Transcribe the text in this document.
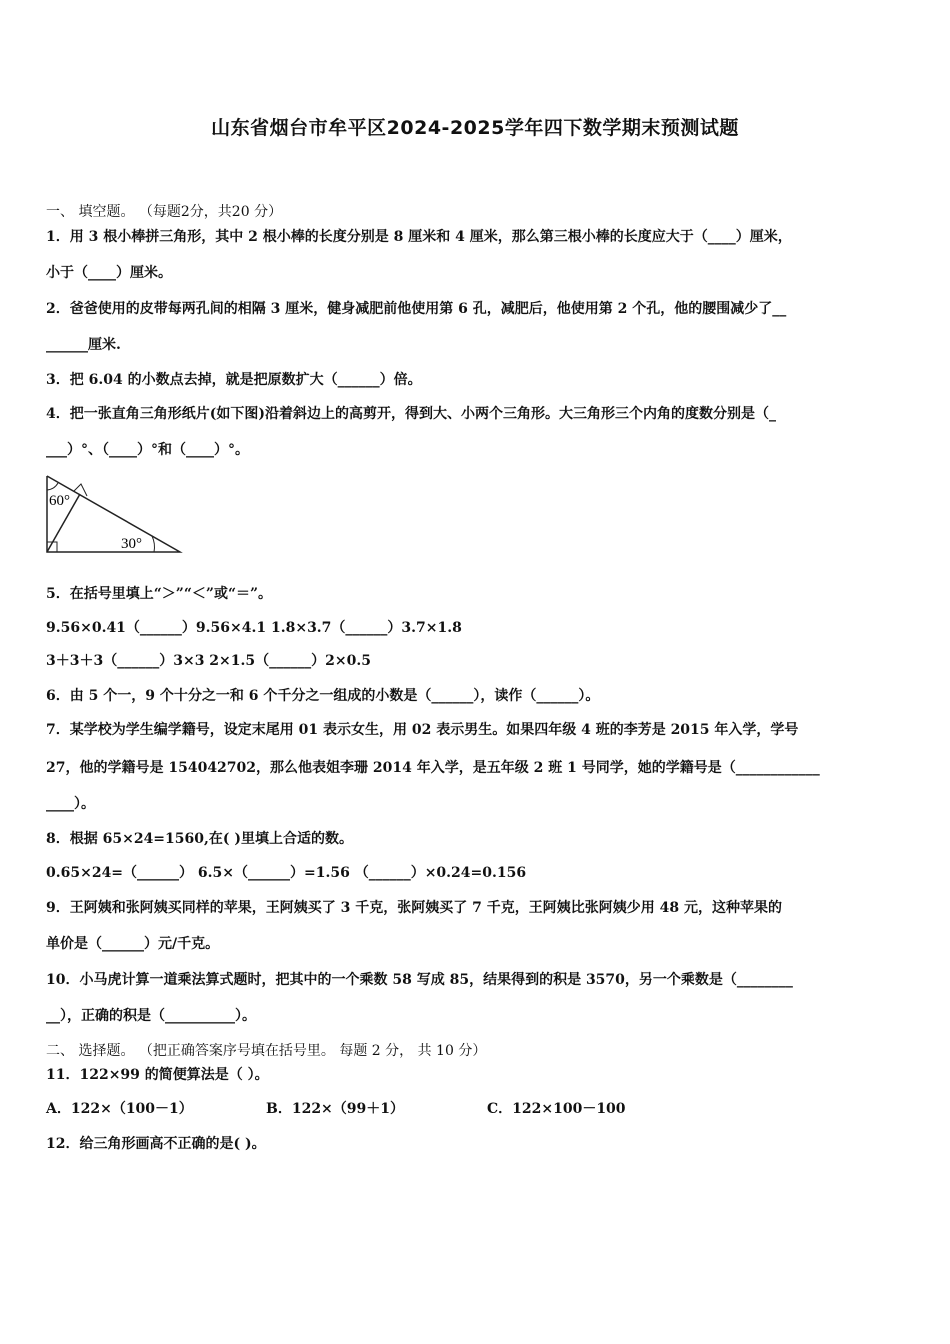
山东省烟台市牟平区2024-2025学年四下数学期末预测试题
一、 填空题。 （每题2分，共20 分）
1．用 3 根小棒拼三角形，其中 2 根小棒的长度分别是 8 厘米和 4 厘米，那么第三根小棒的长度应大于（____）厘米，
小于（____）厘米。
2．爸爸使用的皮带每两孔间的相隔 3 厘米，健身减肥前他使用第 6 孔，减肥后，他使用第 2 个孔，他的腰围减少了__
______厘米.
3．把 6.04 的小数点去掉，就是把原数扩大（______）倍。
4．把一张直角三角形纸片(如下图)沿着斜边上的高剪开，得到大、小两个三角形。大三角形三个内角的度数分别是（_
___）°、（____）°和（____）°。
60°
30°
5．在括号里填上“＞”“＜”或“＝”。
9.56×0.41（______）9.56×4.1 1.8×3.7（______）3.7×1.8
3＋3＋3（______）3×3 2×1.5（______）2×0.5
6．由 5 个一，9 个十分之一和 6 个千分之一组成的小数是（______），读作（______）。
7．某学校为学生编学籍号，设定末尾用 01 表示女生，用 02 表示男生。如果四年级 4 班的李芳是 2015 年入学，学号
27，他的学籍号是 154042702，那么他表姐李珊 2014 年入学，是五年级 2 班 1 号同学，她的学籍号是（____________
____）。
8．根据 65×24=1560,在( )里填上合适的数。
0.65×24=（______） 6.5×（______）=1.56 （______）×0.24=0.156
9．王阿姨和张阿姨买同样的苹果，王阿姨买了 3 千克，张阿姨买了 7 千克，王阿姨比张阿姨少用 48 元，这种苹果的
单价是（______）元/千克。
10．小马虎计算一道乘法算式题时，把其中的一个乘数 58 写成 85，结果得到的积是 3570，另一个乘数是（________
__），正确的积是（__________）。
二、 选择题。 （把正确答案序号填在括号里。 每题 2 分， 共 10 分）
11．122×99 的简便算法是（ ）。
A．122×（100－1）	B．122×（99＋1）	C．122×100－100
12．给三角形画高不正确的是( )。
